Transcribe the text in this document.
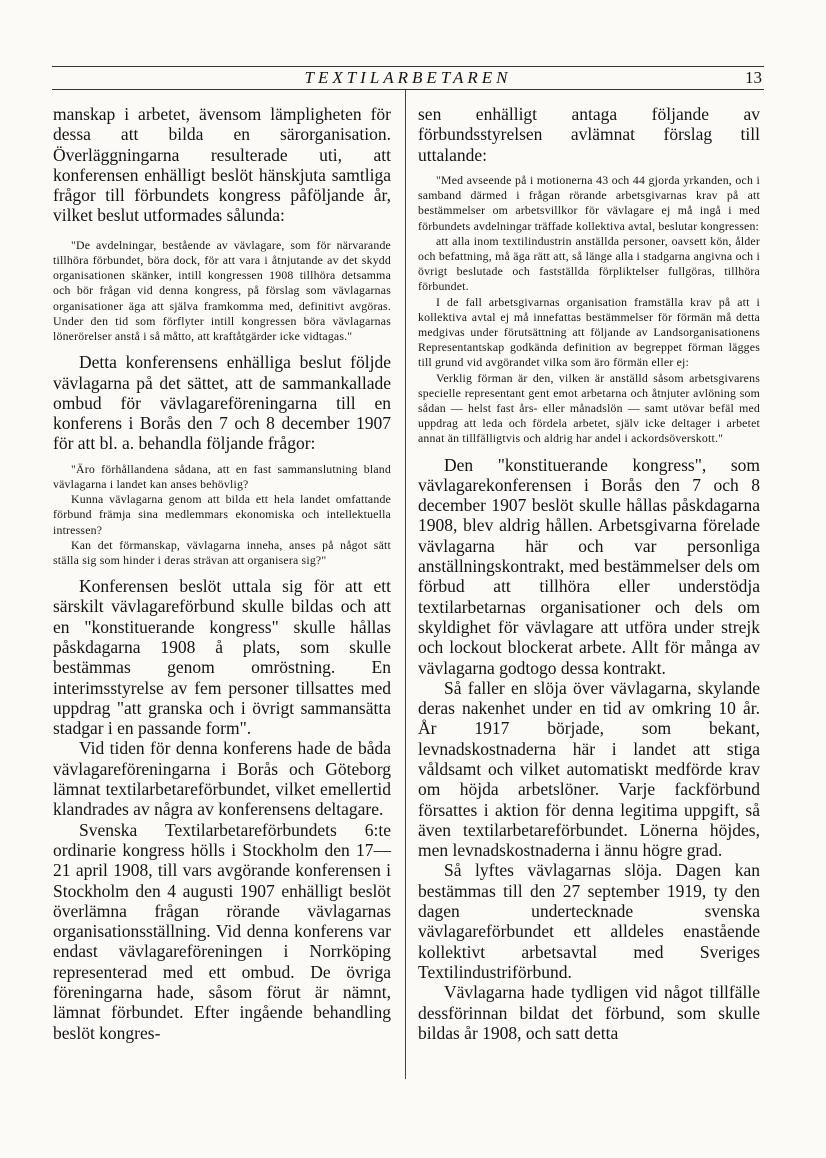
TEXTILARBETAREN	13

manskap i arbetet, ävensom lämpligheten för dessa att bilda en särorganisation. Överläggningarna resulterade uti, att konferensen enhälligt beslöt hänskjuta samtliga frågor till förbundets kongress påföljande år, vilket beslut utformades sålunda:

"De avdelningar, bestående av vävlagare, som för närvarande tillhöra förbundet, böra dock, för att vara i åtnjutande av det skydd organisationen skänker, intill kongressen 1908 tillhöra detsamma och bör frågan vid denna kongress, på förslag som vävlagarnas organisationer äga att själva framkomma med, definitivt avgöras. Under den tid som förflyter intill kongressen böra vävlagarnas lönerörelser anstå i så måtto, att kraftåtgärder icke vidtagas."

Detta konferensens enhälliga beslut följde vävlagarna på det sättet, att de sammankallade ombud för vävlagareföreningarna till en konferens i Borås den 7 och 8 december 1907 för att bl. a. behandla följande frågor:

"Äro förhållandena sådana, att en fast sammanslutning bland vävlagarna i landet kan anses behövlig?

Kunna vävlagarna genom att bilda ett hela landet omfattande förbund främja sina medlemmars ekonomiska och intellektuella intressen?

Kan det förmanskap, vävlagarna inneha, anses på något sätt ställa sig som hinder i deras strävan att organisera sig?"

Konferensen beslöt uttala sig för att ett särskilt vävlagareförbund skulle bildas och att en "konstituerande kongress" skulle hållas påskdagarna 1908 å plats, som skulle bestämmas genom omröstning. En interimsstyrelse av fem personer tillsattes med uppdrag "att granska och i övrigt sammansätta stadgar i en passande form".

Vid tiden för denna konferens hade de båda vävlagareföreningarna i Borås och Göteborg lämnat textilarbetareförbundet, vilket emellertid klandrades av några av konferensens deltagare.

Svenska Textilarbetareförbundets 6:te ordinarie kongress hölls i Stockholm den 17—21 april 1908, till vars avgörande konferensen i Stockholm den 4 augusti 1907 enhälligt beslöt överlämna frågan rörande vävlagarnas organisationsställning. Vid denna konferens var endast vävlagareföreningen i Norrköping representerad med ett ombud. De övriga föreningarna hade, såsom förut är nämnt, lämnat förbundet. Efter ingående behandling beslöt kongres-

sen enhälligt antaga följande av förbundsstyrelsen avlämnat förslag till uttalande:

"Med avseende på i motionerna 43 och 44 gjorda yrkanden, och i samband därmed i frågan rörande arbetsgivarnas krav på att bestämmelser om arbetsvillkor för vävlagare ej må ingå i med förbundets avdelningar träffade kollektiva avtal, beslutar kongressen:

att alla inom textilindustrin anställda personer, oavsett kön, ålder och befattning, må äga rätt att, så länge alla i stadgarna angivna och i övrigt beslutade och fastställda förpliktelser fullgöras, tillhöra förbundet.

I de fall arbetsgivarnas organisation framställa krav på att i kollektiva avtal ej må innefattas bestämmelser för förmän må detta medgivas under förutsättning att följande av Landsorganisationens Representantskap godkända definition av begreppet förman lägges till grund vid avgörandet vilka som äro förmän eller ej:

Verklig förman är den, vilken är anställd såsom arbetsgivarens specielle representant gent emot arbetarna och åtnjuter avlöning som sådan — helst fast års- eller månadslön — samt utövar befäl med uppdrag att leda och fördela arbetet, själv icke deltager i arbetet annat än tillfälligtvis och aldrig har andel i ackordsöverskott."

Den "konstituerande kongress", som vävlagarekonferensen i Borås den 7 och 8 december 1907 beslöt skulle hållas påskdagarna 1908, blev aldrig hållen. Arbetsgivarna förelade vävlagarna här och var personliga anställningskontrakt, med bestämmelser dels om förbud att tillhöra eller understödja textilarbetarnas organisationer och dels om skyldighet för vävlagare att utföra under strejk och lockout blockerat arbete. Allt för många av vävlagarna godtogo dessa kontrakt.

Så faller en slöja över vävlagarna, skylande deras nakenhet under en tid av omkring 10 år. År 1917 började, som bekant, levnadskostnaderna här i landet att stiga våldsamt och vilket automatiskt medförde krav om höjda arbetslöner. Varje fackförbund försattes i aktion för denna legitima uppgift, så även textilarbetareförbundet. Lönerna höjdes, men levnadskostnaderna i ännu högre grad.

Så lyftes vävlagarnas slöja. Dagen kan bestämmas till den 27 september 1919, ty den dagen undertecknade svenska vävlagareförbundet ett alldeles enastående kollektivt arbetsavtal med Sveriges Textilindustriförbund.

Vävlagarna hade tydligen vid något tillfälle dessförinnan bildat det förbund, som skulle bildas år 1908, och satt detta
